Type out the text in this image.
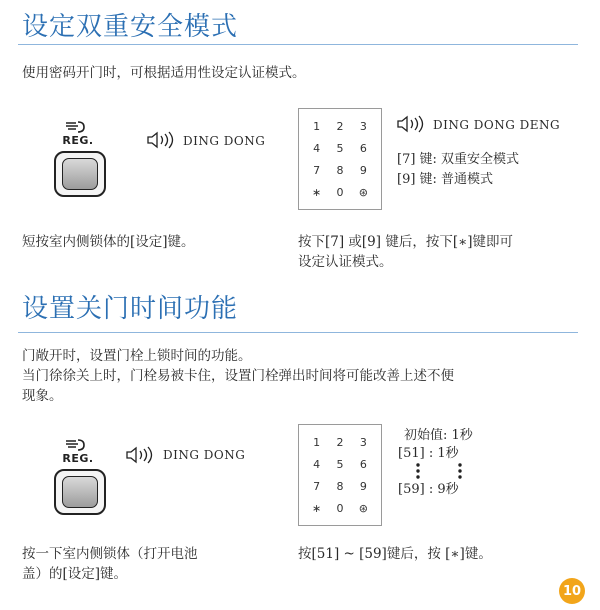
设定双重安全模式
使用密码开门时，可根据适用性设定认证模式。
REG.	DING DONG
1	2	3
4	5	6
7	8	9
∗	0	⊛
DING DONG DENG
[7] 键: 双重安全模式
[9] 键: 普通模式
短按室内侧锁体的[设定]键。	按下[7] 或[9] 键后，按下[∗]键即可
设定认证模式。
设置关门时间功能
门敞开时，设置门栓上锁时间的功能。
当门徐徐关上时，门栓易被卡住，设置门栓弹出时间将可能改善上述不便
现象。
REG.	DING DONG
1	2	3
4	5	6
7	8	9
∗	0	⊛
初始值: 1秒
[51] : 1秒
[59] : 9秒
按一下室内侧锁体（打开电池
盖）的[设定]键。
按[51] ~ [59]键后，按 [∗]键。
10
